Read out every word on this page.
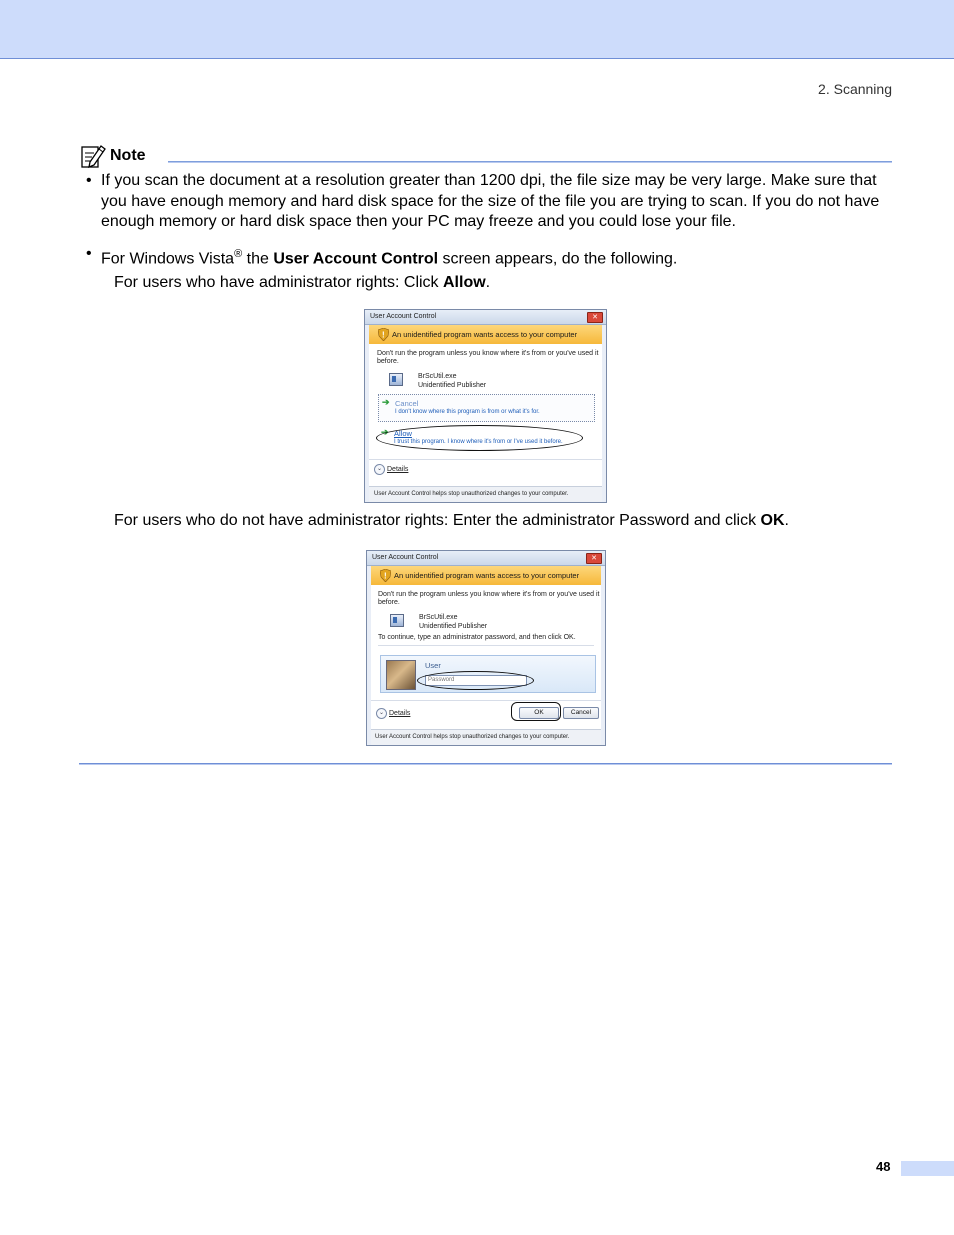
2. Scanning
Note
• If you scan the document at a resolution greater than 1200 dpi, the file size may be very large. Make sure that you have enough memory and hard disk space for the size of the file you are trying to scan. If you do not have enough memory or hard disk space then your PC may freeze and you could lose your file.
• For Windows Vista® the User Account Control screen appears, do the following.
For users who have administrator rights: Click Allow.
User Account Control	✕
! An unidentified program wants access to your computer
Don't run the program unless you know where it's from or you've used it
before.
BrScUtil.exe
Unidentified Publisher
➔ Cancel
I don't know where this program is from or what it's for.
➔ Allow
I trust this program. I know where it's from or I've used it before.
⌄ Details
User Account Control helps stop unauthorized changes to your computer.
For users who do not have administrator rights: Enter the administrator Password and click OK.
User Account Control	✕
! An unidentified program wants access to your computer
Don't run the program unless you know where it's from or you've used it
before.
BrScUtil.exe
Unidentified Publisher
To continue, type an administrator password, and then click OK.
User
Password
⌄ Details	OK	Cancel
User Account Control helps stop unauthorized changes to your computer.
48
